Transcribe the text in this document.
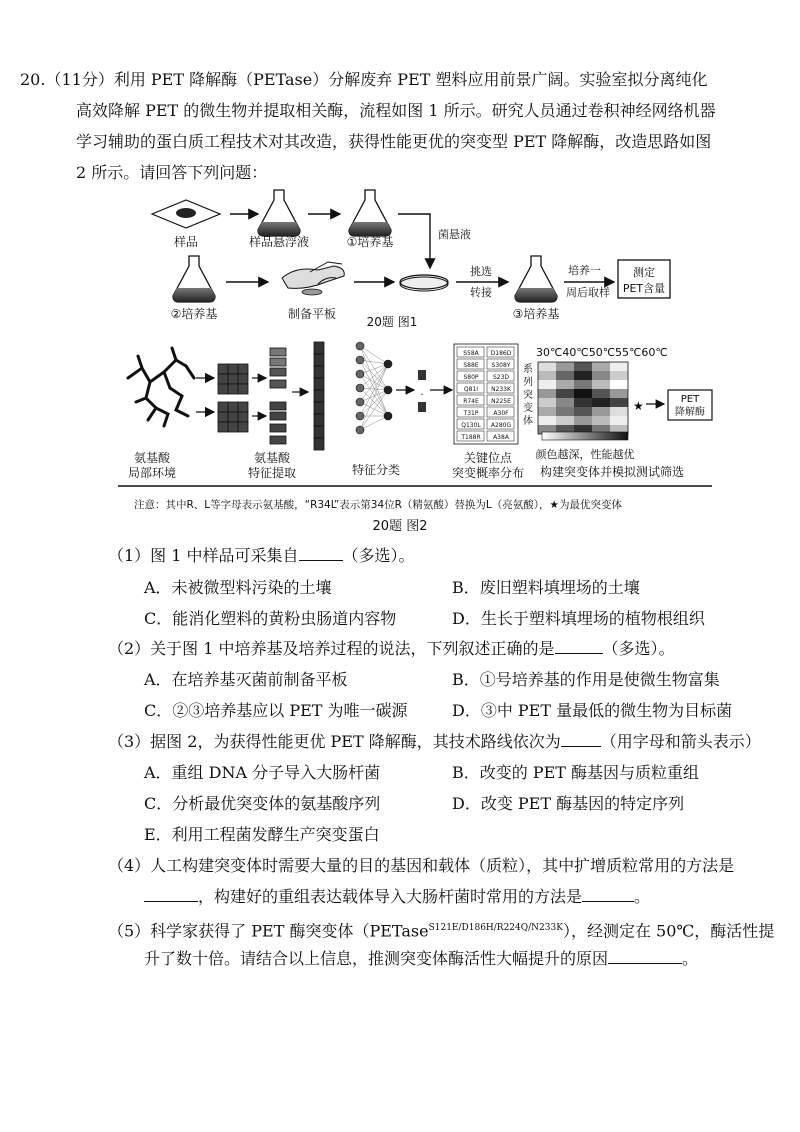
20.（11分）利用 PET 降解酶（PETase）分解废弃 PET 塑料应用前景广阔。实验室拟分离纯化
高效降解 PET 的微生物并提取相关酶，流程如图 1 所示。研究人员通过卷积神经网络机器
学习辅助的蛋白质工程技术对其改造，获得性能更优的突变型 PET 降解酶，改造思路如图
2 所示。请回答下列问题：
样品	样品悬浮液	①培养基
菌悬液
②培养基	制备平板
挑选
转接
③培养基
培养一
周后取样
测定
PET含量
20题 图1
氨基酸
局部环境
氨基酸
特征提取
·
特征分类
S58A D186D
S88E S308Y
S80P S23D
Q81I N233K
R74E N225E
T31P A30F
Q130L A280G
T188R A38A
关键位点
突变概率分布
系
列
突
变
体
30℃40℃50℃55℃60℃
★	PET
降解酶
颜色越深，性能越优
构建突变体并模拟测试筛选
注意：其中R、L等字母表示氨基酸，“R34L”表示第34位R（精氨酸）替换为L（亮氨酸），★为最优突变体
20题 图2
（1）图 1 中样品可采集自	（多选）。
A．未被微型料污染的土壤	B．废旧塑料填埋场的土壤
C．能消化塑料的黄粉虫肠道内容物	D．生长于塑料填埋场的植物根组织
（2）关于图 1 中培养基及培养过程的说法，下列叙述正确的是	（多选）。
A．在培养基灭菌前制备平板	B．①号培养基的作用是使微生物富集
C．②③培养基应以 PET 为唯一碳源	D．③中 PET 量最低的微生物为目标菌
（3）据图 2，为获得性能更优 PET 降解酶，其技术路线依次为	（用字母和箭头表示）
A．重组 DNA 分子导入大肠杆菌	B．改变的 PET 酶基因与质粒重组
C．分析最优突变体的氨基酸序列	D．改变 PET 酶基因的特定序列
E．利用工程菌发酵生产突变蛋白
（4）人工构建突变体时需要大量的目的基因和载体（质粒），其中扩增质粒常用的方法是
，构建好的重组表达载体导入大肠杆菌时常用的方法是	。
（5）科学家获得了 PET 酶突变体（PETase$^{S121E/D186H/R224Q/N233K}$），经测定在 50℃，酶活性提
升了数十倍。请结合以上信息，推测突变体酶活性大幅提升的原因	。
